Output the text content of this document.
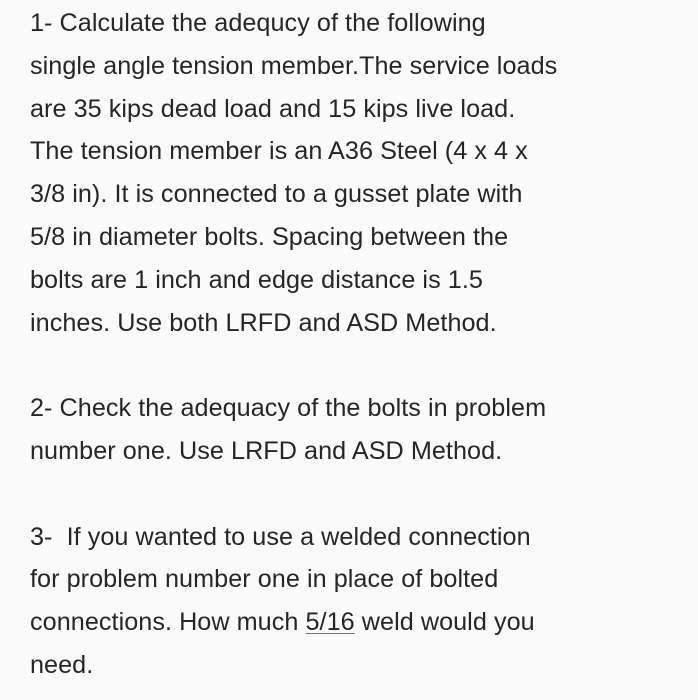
1- Calculate the adequcy of the following
single angle tension member.The service loads
are 35 kips dead load and 15 kips live load.
The tension member is an A36 Steel (4 x 4 x
3/8 in). It is connected to a gusset plate with
5/8 in diameter bolts. Spacing between the
bolts are 1 inch and edge distance is 1.5
inches. Use both LRFD and ASD Method.
2- Check the adequacy of the bolts in problem
number one. Use LRFD and ASD Method.
3-  If you wanted to use a welded connection
for problem number one in place of bolted
connections. How much 5/16 weld would you
need.
